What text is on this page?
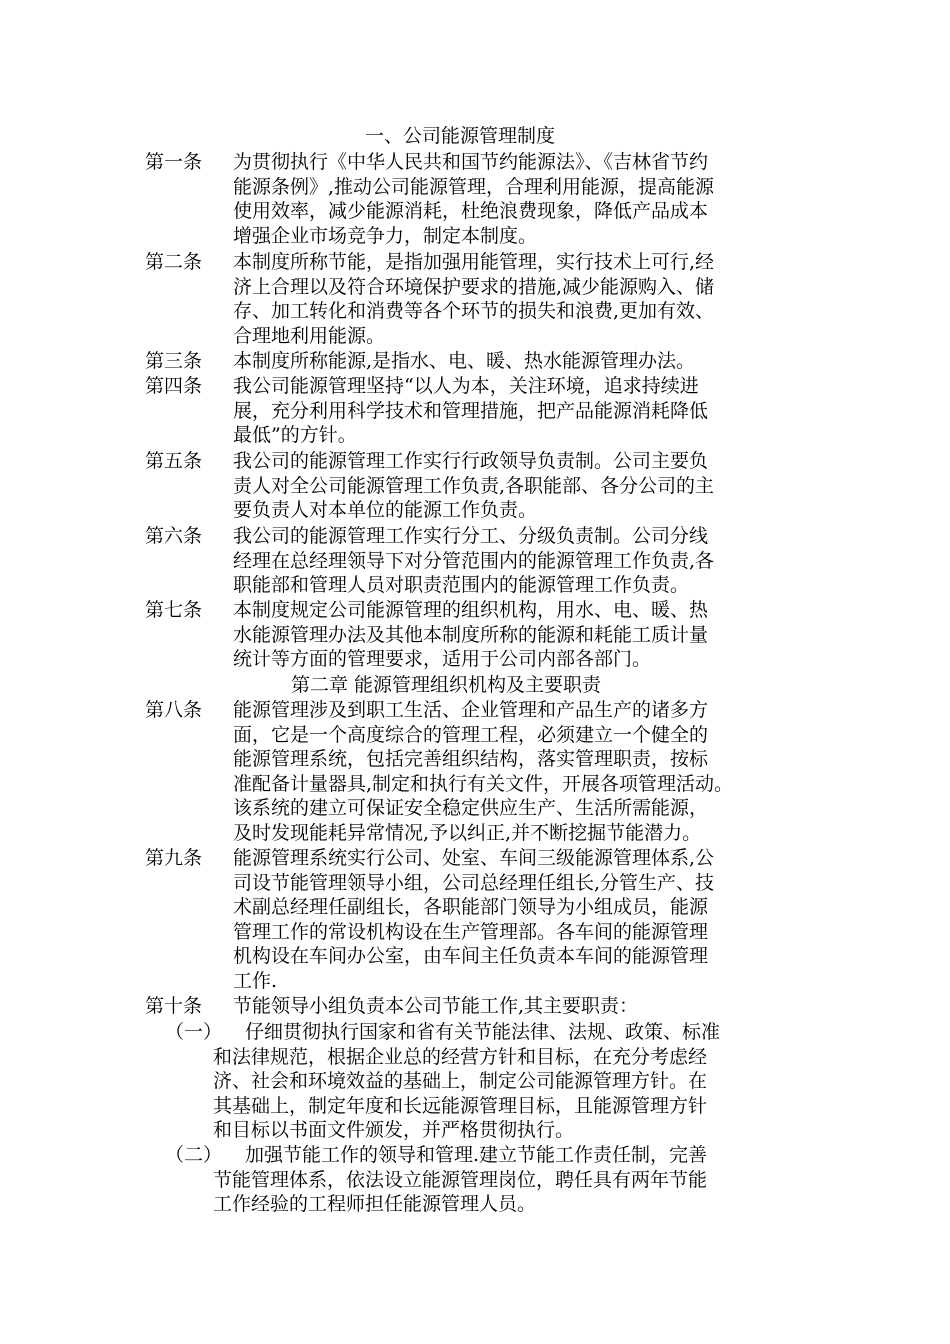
一、公司能源管理制度
第一条 为贯彻执行《中华人民共和国节约能源法》、《吉林省节约
能源条例》,推动公司能源管理，合理利用能源，提高能源
使用效率，减少能源消耗，杜绝浪费现象，降低产品成本
增强企业市场竞争力，制定本制度。
第二条 本制度所称节能，是指加强用能管理，实行技术上可行,经
济上合理以及符合环境保护要求的措施,减少能源购入、储
存、加工转化和消费等各个环节的损失和浪费,更加有效、
合理地利用能源。
第三条 本制度所称能源,是指水、电、暖、热水能源管理办法。
第四条 我公司能源管理坚持“以人为本，关注环境，追求持续进
展，充分利用科学技术和管理措施，把产品能源消耗降低
最低”的方针。
第五条 我公司的能源管理工作实行行政领导负责制。公司主要负
责人对全公司能源管理工作负责,各职能部、各分公司的主
要负责人对本单位的能源工作负责。
第六条 我公司的能源管理工作实行分工、分级负责制。公司分线
经理在总经理领导下对分管范围内的能源管理工作负责,各
职能部和管理人员对职责范围内的能源管理工作负责。
第七条 本制度规定公司能源管理的组织机构，用水、电、暖、热
水能源管理办法及其他本制度所称的能源和耗能工质计量
统计等方面的管理要求，适用于公司内部各部门。
第二章 能源管理组织机构及主要职责
第八条 能源管理涉及到职工生活、企业管理和产品生产的诸多方
面，它是一个高度综合的管理工程，必须建立一个健全的
能源管理系统，包括完善组织结构，落实管理职责，按标
准配备计量器具,制定和执行有关文件，开展各项管理活动。
该系统的建立可保证安全稳定供应生产、生活所需能源，
及时发现能耗异常情况,予以纠正,并不断挖掘节能潜力。
第九条 能源管理系统实行公司、处室、车间三级能源管理体系,公
司设节能管理领导小组，公司总经理任组长,分管生产、技
术副总经理任副组长，各职能部门领导为小组成员，能源
管理工作的常设机构设在生产管理部。各车间的能源管理
机构设在车间办公室，由车间主任负责本车间的能源管理
工作.
第十条 节能领导小组负责本公司节能工作,其主要职责：
（一）	仔细贯彻执行国家和省有关节能法律、法规、政策、标准
和法律规范，根据企业总的经营方针和目标，在充分考虑经
济、社会和环境效益的基础上，制定公司能源管理方针。在
其基础上，制定年度和长远能源管理目标，且能源管理方针
和目标以书面文件颁发，并严格贯彻执行。
（二）	加强节能工作的领导和管理.建立节能工作责任制，完善
节能管理体系，依法设立能源管理岗位，聘任具有两年节能
工作经验的工程师担任能源管理人员。
